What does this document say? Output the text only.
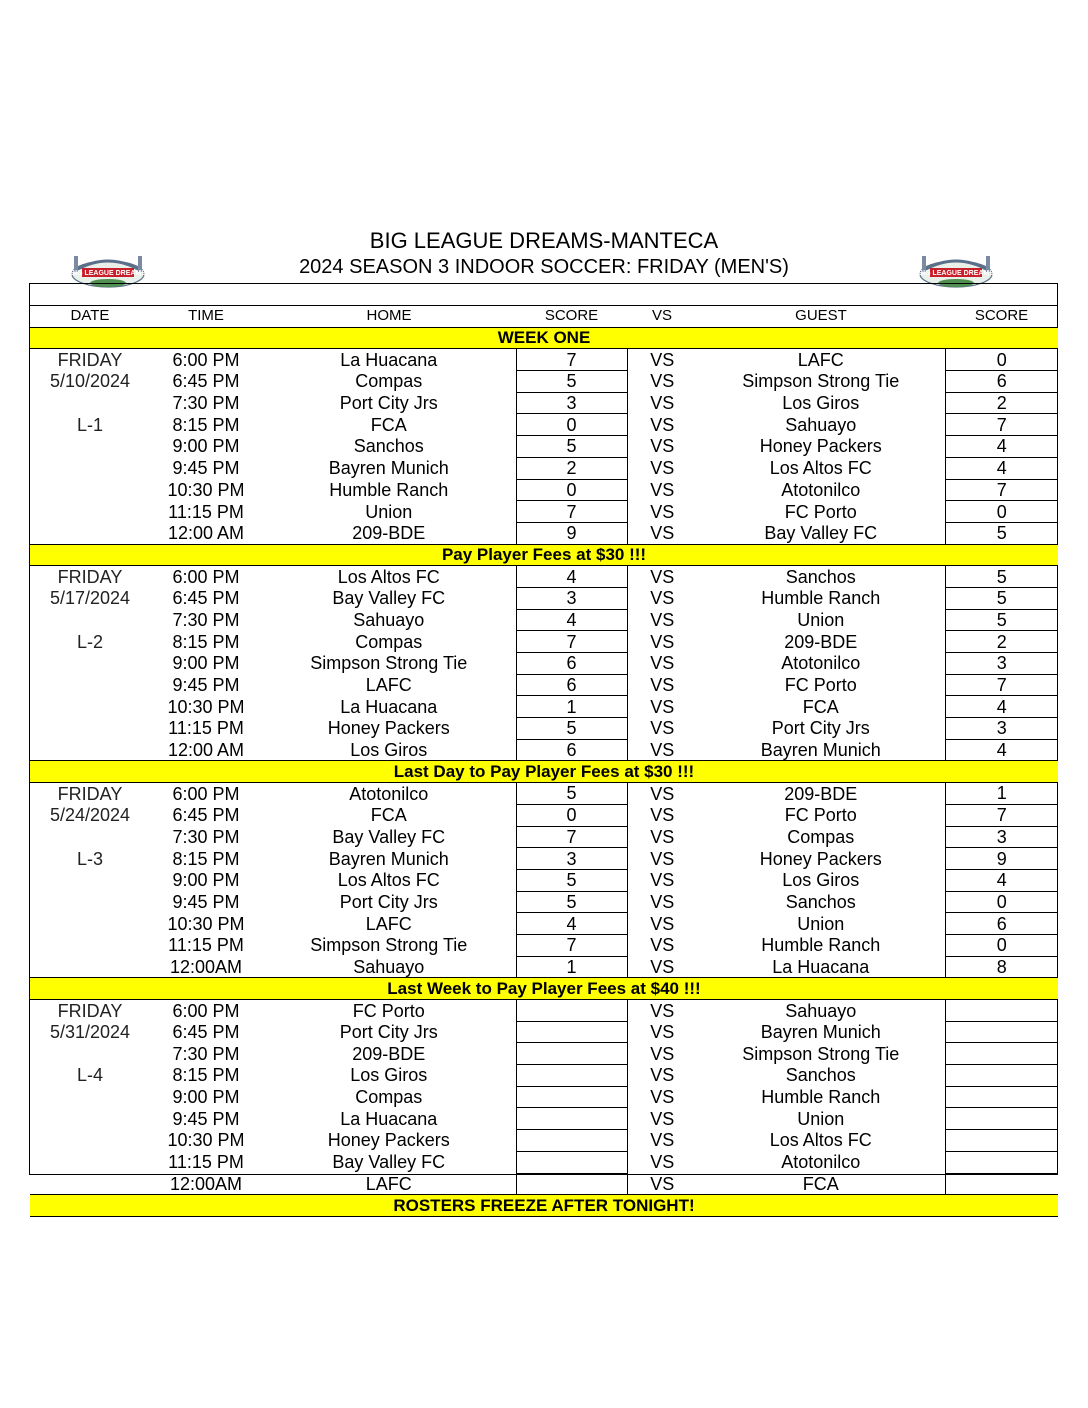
BIG LEAGUE DREAMS-MANTECA
2024 SEASON 3 INDOOR SOCCER: FRIDAY (MEN'S)
BIG LEAGUE DREAMS	BIG LEAGUE DREAMS
DATE	TIME	HOME	SCORE	VS	GUEST	SCORE
WEEK ONE						
FRIDAY	6:00 PM	La Huacana	7	VS	LAFC	0
5/10/2024	6:45 PM	Compas	5	VS	Simpson Strong Tie	6
	7:30 PM	Port City Jrs	3	VS	Los Giros	2
L-1	8:15 PM	FCA	0	VS	Sahuayo	7
	9:00 PM	Sanchos	5	VS	Honey Packers	4
	9:45 PM	Bayren Munich	2	VS	Los Altos FC	4
	10:30 PM	Humble Ranch	0	VS	Atotonilco	7
	11:15 PM	Union	7	VS	FC Porto	0
	12:00 AM	209-BDE	9	VS	Bay Valley FC	5
Pay Player Fees at $30 !!!						
FRIDAY	6:00 PM	Los Altos FC	4	VS	Sanchos	5
5/17/2024	6:45 PM	Bay Valley FC	3	VS	Humble Ranch	5
	7:30 PM	Sahuayo	4	VS	Union	5
L-2	8:15 PM	Compas	7	VS	209-BDE	2
	9:00 PM	Simpson Strong Tie	6	VS	Atotonilco	3
	9:45 PM	LAFC	6	VS	FC Porto	7
	10:30 PM	La Huacana	1	VS	FCA	4
	11:15 PM	Honey Packers	5	VS	Port City Jrs	3
	12:00 AM	Los Giros	6	VS	Bayren Munich	4
Last Day to Pay Player Fees at $30 !!!						
FRIDAY	6:00 PM	Atotonilco	5	VS	209-BDE	1
5/24/2024	6:45 PM	FCA	0	VS	FC Porto	7
	7:30 PM	Bay Valley FC	7	VS	Compas	3
L-3	8:15 PM	Bayren Munich	3	VS	Honey Packers	9
	9:00 PM	Los Altos FC	5	VS	Los Giros	4
	9:45 PM	Port City Jrs	5	VS	Sanchos	0
	10:30 PM	LAFC	4	VS	Union	6
	11:15 PM	Simpson Strong Tie	7	VS	Humble Ranch	0
	12:00AM	Sahuayo	1	VS	La Huacana	8
Last Week to Pay Player Fees at $40 !!!						
FRIDAY	6:00 PM	FC Porto		VS	Sahuayo	
5/31/2024	6:45 PM	Port City Jrs		VS	Bayren Munich	
	7:30 PM	209-BDE		VS	Simpson Strong Tie	
L-4	8:15 PM	Los Giros		VS	Sanchos	
	9:00 PM	Compas		VS	Humble Ranch	
	9:45 PM	La Huacana		VS	Union	
	10:30 PM	Honey Packers		VS	Los Altos FC	
	11:15 PM	Bay Valley FC		VS	Atotonilco	
	12:00AM	LAFC		VS	FCA	
ROSTERS FREEZE AFTER TONIGHT!						
